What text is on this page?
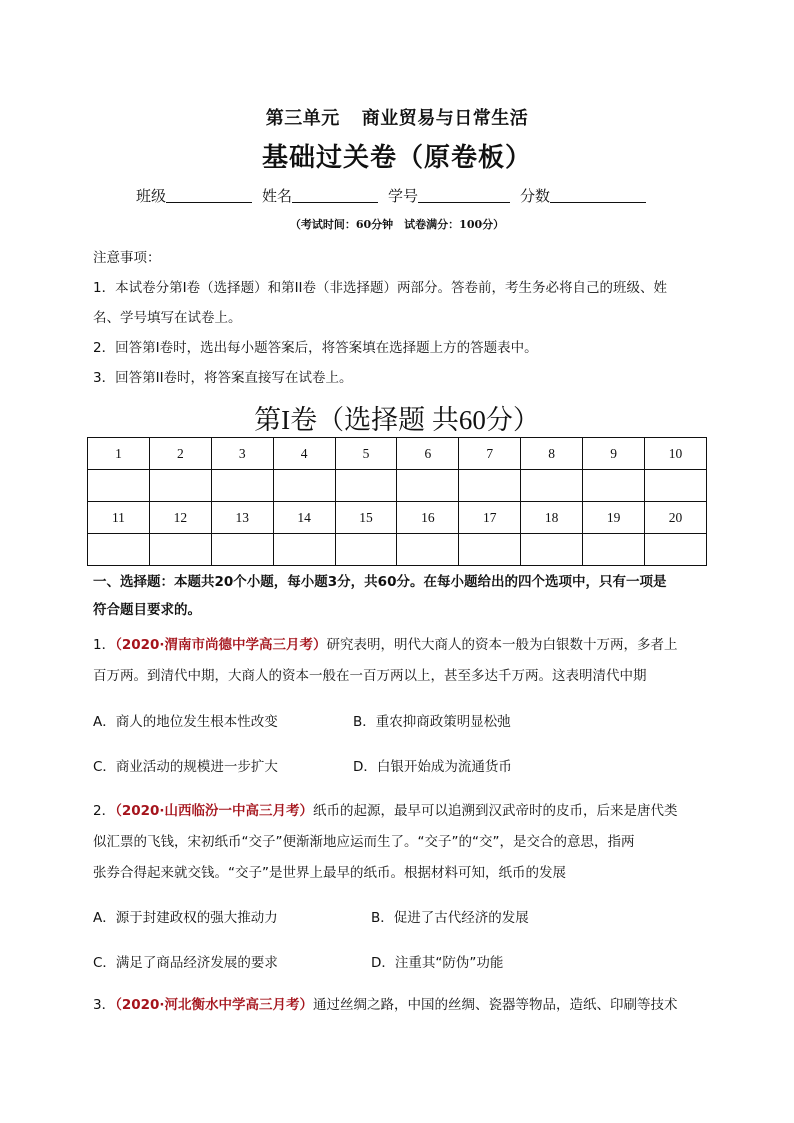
第三单元 商业贸易与日常生活
基础过关卷（原卷板）
班级	姓名	学号	分数
（考试时间：60分钟　试卷满分：100分）

注意事项：

1．本试卷分第I卷（选择题）和第II卷（非选择题）两部分。答卷前，考生务必将自己的班级、姓

名、学号填写在试卷上。

2．回答第I卷时，选出每小题答案后，将答案填在选择题上方的答题表中。

3．回答第II卷时，将答案直接写在试卷上。

第I卷（选择题 共60分）
1	2	3	4	5	6	7	8	9	10

11	12	13	14	15	16	17	18	19	20

一、选择题：本题共20个小题，每小题3分，共60分。在每小题给出的四个选项中，只有一项是

符合题目要求的。

1．（2020·渭南市尚德中学高三月考）研究表明，明代大商人的资本一般为白银数十万两，多者上

百万两。到清代中期，大商人的资本一般在一百万两以上，甚至多达千万两。这表明清代中期

A．商人的地位发生根本性改变	B．重农抑商政策明显松弛
C．商业活动的规模进一步扩大	D．白银开始成为流通货币

2．（2020·山西临汾一中高三月考）纸币的起源，最早可以追溯到汉武帝时的皮币，后来是唐代类

似汇票的飞钱，宋初纸币“交子”便渐渐地应运而生了。“交子”的“交”，是交合的意思，指两

张券合得起来就交钱。“交子”是世界上最早的纸币。根据材料可知，纸币的发展

A．源于封建政权的强大推动力	B．促进了古代经济的发展
C．满足了商品经济发展的要求	D．注重其“防伪”功能

3．（2020·河北衡水中学高三月考）通过丝绸之路，中国的丝绸、瓷器等物品，造纸、印刷等技术
